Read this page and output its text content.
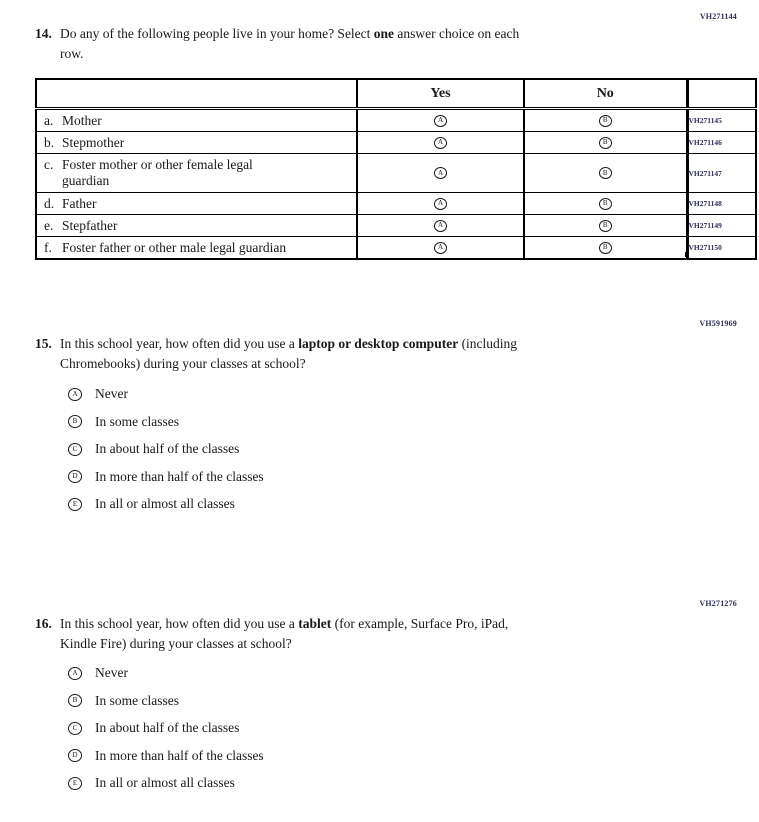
VH271144
14. Do any of the following people live in your home? Select one answer choice on each
row.
	Yes	No	

a. Mother	A	B	VH271145

b. Stepmother	A	B	VH271146

c. Foster mother or other female legal
guardian	A	B	VH271147

d. Father	A	B	VH271148

e. Stepfather	A	B	VH271149

f. Foster father or other male legal guardian	A	B	VH271150
VH591969
15. In this school year, how often did you use a laptop or desktop computer (including
Chromebooks) during your classes at school?
A	Never
B	In some classes
C	In about half of the classes
D	In more than half of the classes
E	In all or almost all classes
VH271276
16. In this school year, how often did you use a tablet (for example, Surface Pro, iPad,
Kindle Fire) during your classes at school?
A	Never
B	In some classes
C	In about half of the classes
D	In more than half of the classes
E	In all or almost all classes
